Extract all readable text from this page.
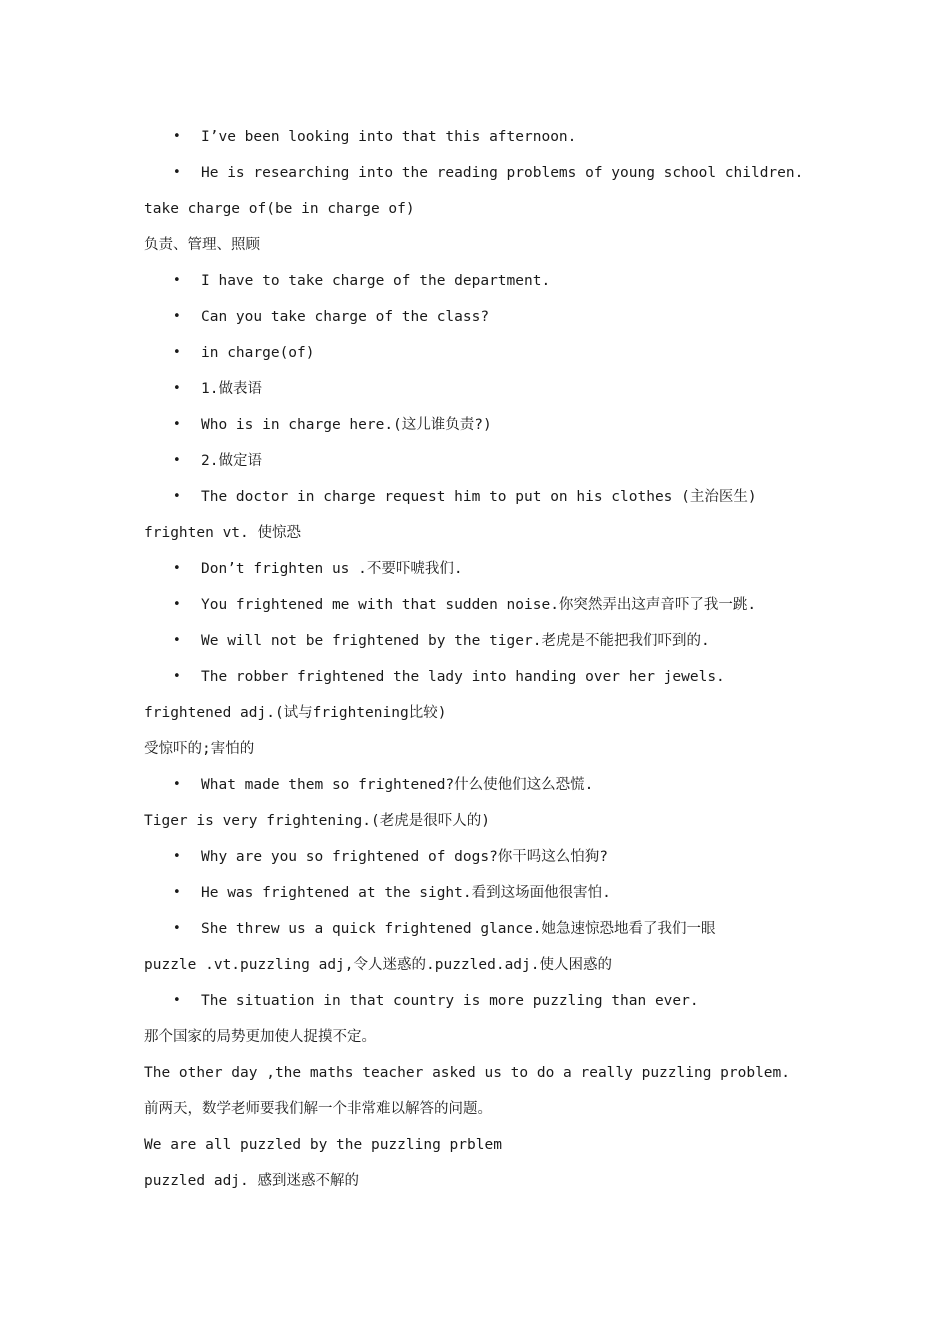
• I’ve been looking into that this afternoon.
• He is researching into the reading problems of young school children.
take charge of(be in charge of)
负责、管理、照顾
• I have to take charge of the department.
• Can you take charge of the class?
• in charge(of)
• 1.做表语
• Who is in charge here.(这儿谁负责?)
• 2.做定语
• The doctor in charge request him to put on his clothes (主治医生)
frighten vt. 使惊恐
• Don’t frighten us .不要吓唬我们.
• You frightened me with that sudden noise.你突然弄出这声音吓了我一跳.
• We will not be frightened by the tiger.老虎是不能把我们吓到的.
• The robber frightened the lady into handing over her jewels.
frightened adj.(试与frightening比较)
受惊吓的;害怕的
• What made them so frightened?什么使他们这么恐慌.
Tiger is very frightening.(老虎是很吓人的)
• Why are you so frightened of dogs?你干吗这么怕狗?
• He was frightened at the sight.看到这场面他很害怕.
• She threw us a quick frightened glance.她急速惊恐地看了我们一眼
puzzle .vt.puzzling adj,令人迷惑的.puzzled.adj.使人困惑的
• The situation in that country is more puzzling than ever.
那个国家的局势更加使人捉摸不定。
The other day ,the maths teacher asked us to do a really puzzling problem.
前两天，数学老师要我们解一个非常难以解答的问题。
We are all puzzled by the puzzling prblem
puzzled adj. 感到迷惑不解的
